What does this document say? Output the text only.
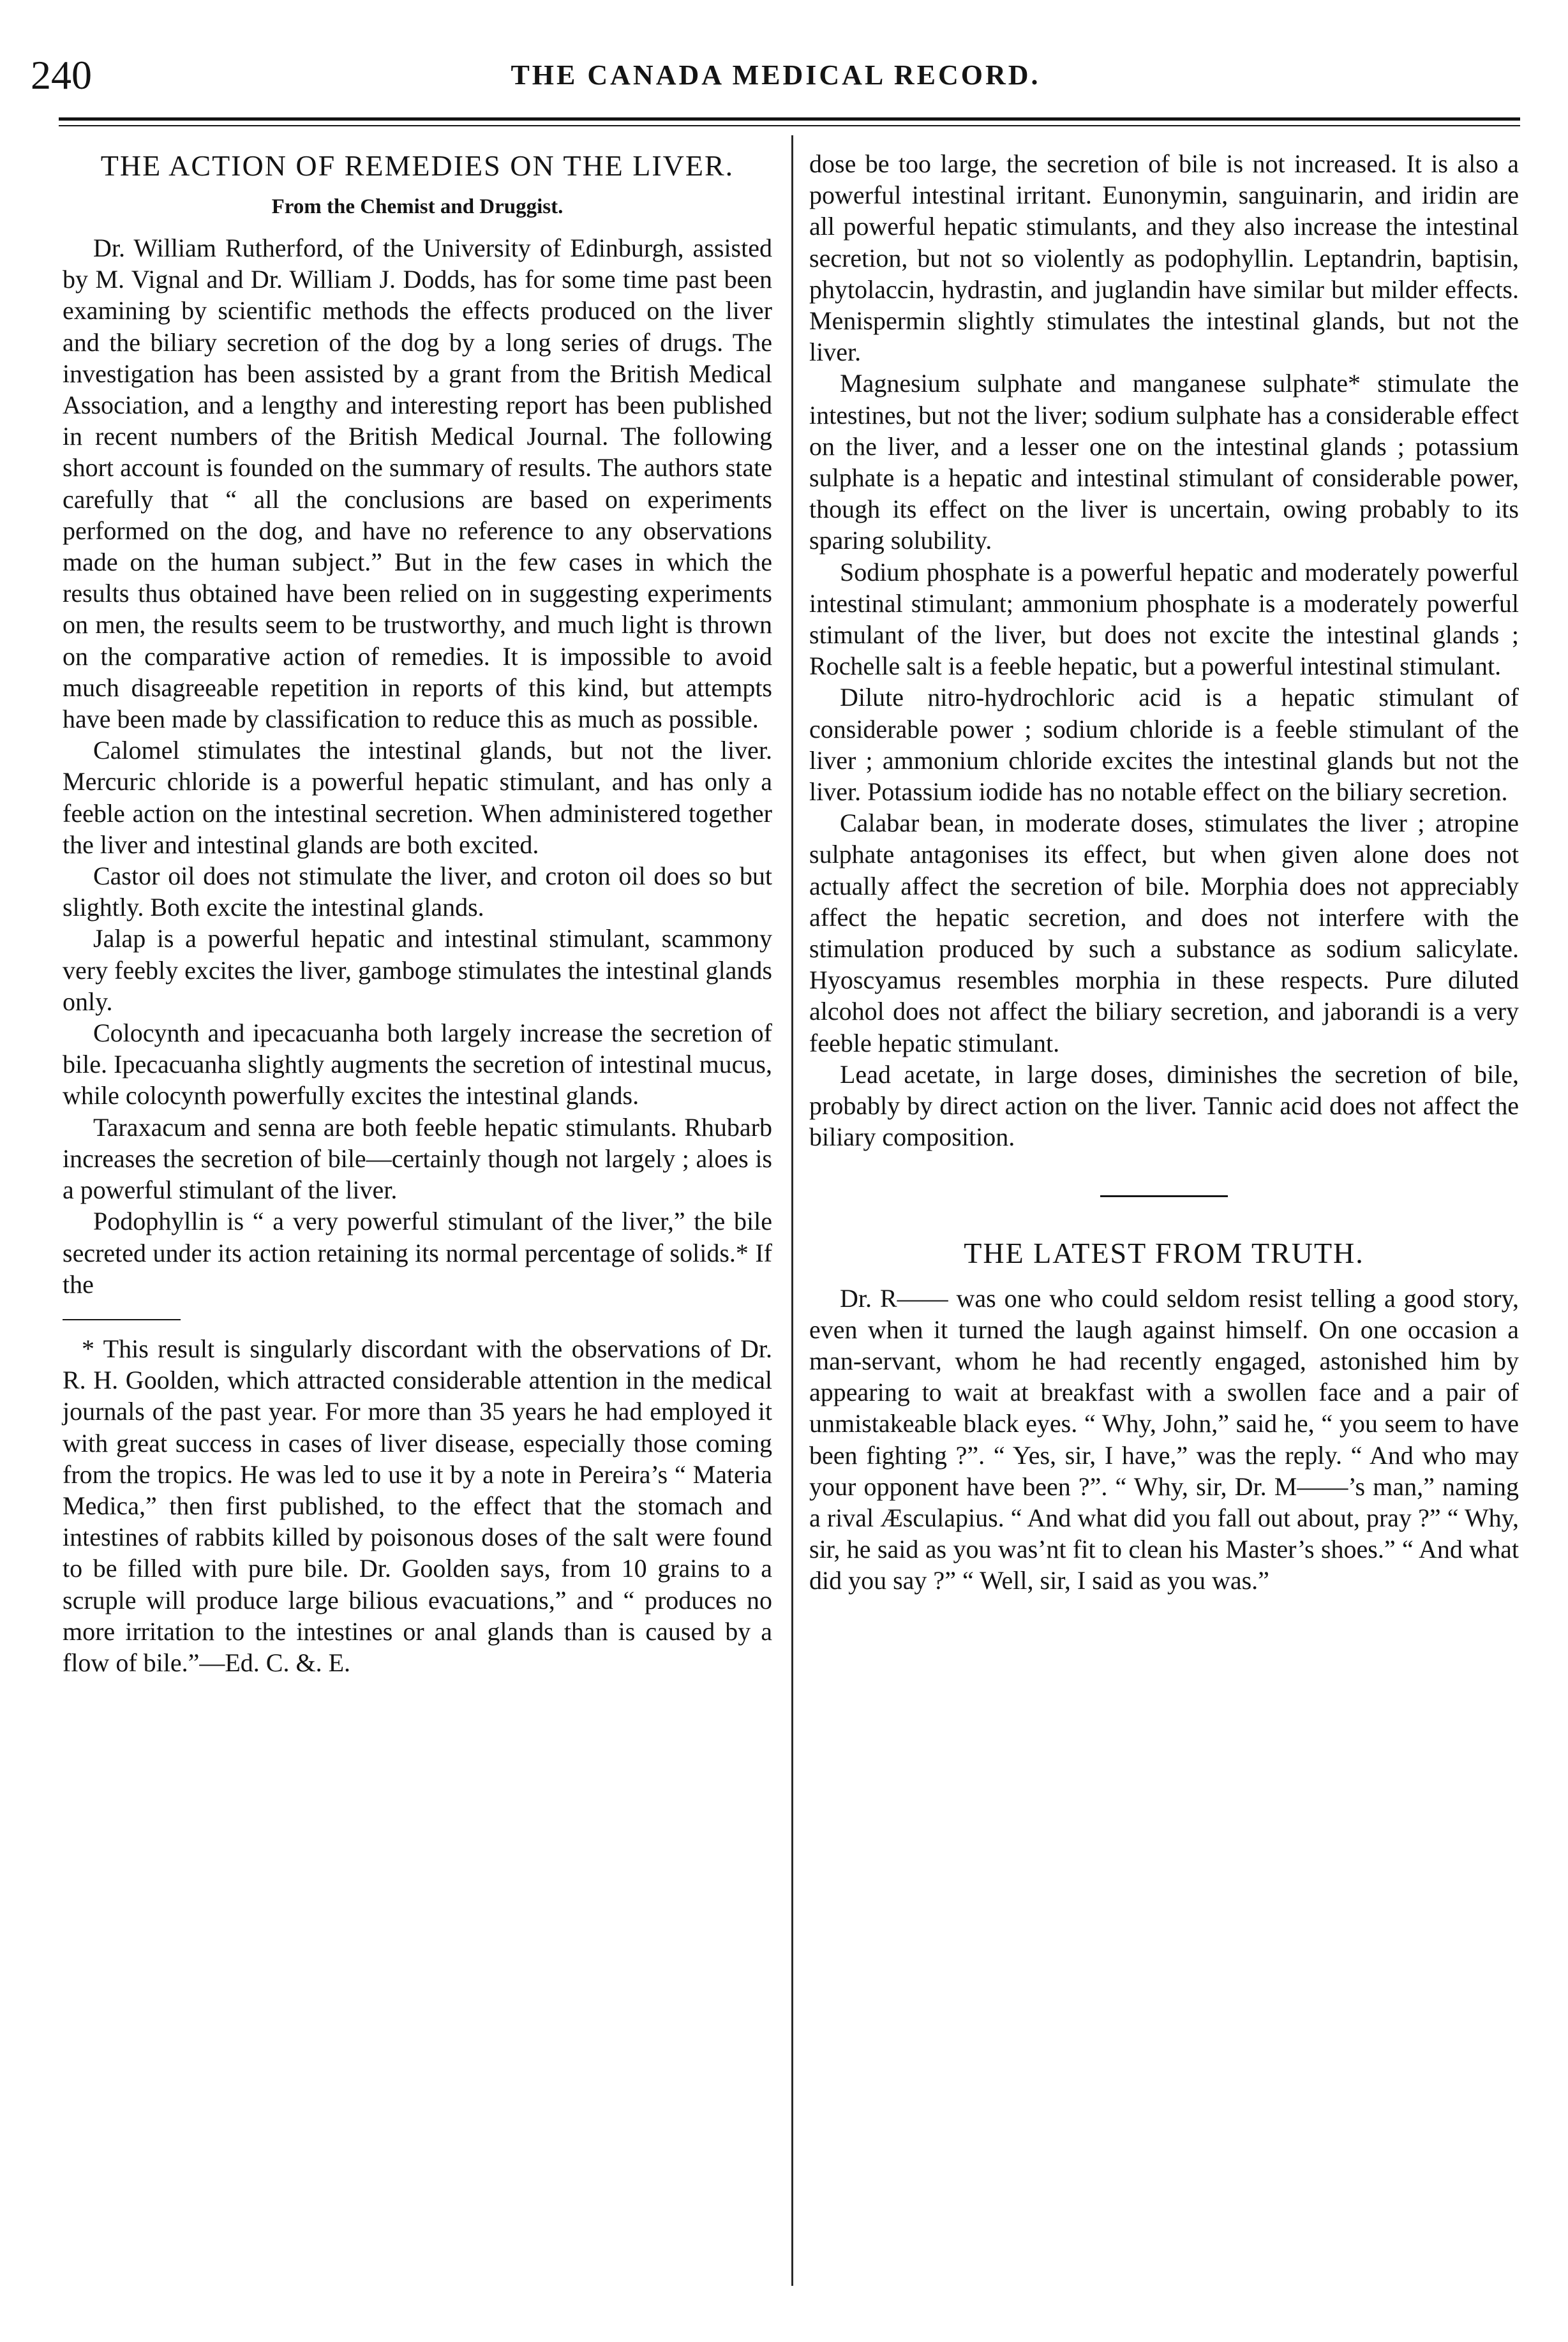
240	THE CANADA MEDICAL RECORD.
THE ACTION OF REMEDIES ON THE LIVER.
From the Chemist and Druggist.

Dr. William Rutherford, of the University of Edinburgh, assisted by M. Vignal and Dr. William J. Dodds, has for some time past been examining by scientific methods the effects produced on the liver and the biliary secretion of the dog by a long series of drugs. The investigation has been assisted by a grant from the British Medical Association, and a lengthy and interesting report has been published in recent numbers of the British Medical Journal. The following short account is founded on the summary of results. The authors state carefully that “ all the conclusions are based on experiments performed on the dog, and have no reference to any observations made on the human subject.” But in the few cases in which the results thus obtained have been relied on in suggesting experiments on men, the results seem to be trustworthy, and much light is thrown on the comparative action of remedies. It is impossible to avoid much disagreeable repetition in reports of this kind, but attempts have been made by classification to reduce this as much as possible.

Calomel stimulates the intestinal glands, but not the liver. Mercuric chloride is a powerful hepatic stimulant, and has only a feeble action on the intestinal secretion. When administered together the liver and intestinal glands are both excited.

Castor oil does not stimulate the liver, and croton oil does so but slightly. Both excite the intestinal glands.

Jalap is a powerful hepatic and intestinal stimulant, scammony very feebly excites the liver, gamboge stimulates the intestinal glands only.

Colocynth and ipecacuanha both largely increase the secretion of bile. Ipecacuanha slightly augments the secretion of intestinal mucus, while colocynth powerfully excites the intestinal glands.

Taraxacum and senna are both feeble hepatic stimulants. Rhubarb increases the secretion of bile—certainly though not largely ; aloes is a powerful stimulant of the liver.

Podophyllin is “ a very powerful stimulant of the liver,” the bile secreted under its action retaining its normal percentage of solids.* If the

* This result is singularly discordant with the observations of Dr. R. H. Goolden, which attracted considerable attention in the medical journals of the past year. For more than 35 years he had employed it with great success in cases of liver disease, especially those coming from the tropics. He was led to use it by a note in Pereira’s “ Materia Medica,” then first published, to the effect that the stomach and intestines of rabbits killed by poisonous doses of the salt were found to be filled with pure bile. Dr. Goolden says, from 10 grains to a scruple will produce large bilious evacuations,” and “ produces no more irritation to the intestines or anal glands than is caused by a flow of bile.”—Ed. C. &. E.

dose be too large, the secretion of bile is not increased. It is also a powerful intestinal irritant. Eunonymin, sanguinarin, and iridin are all powerful hepatic stimulants, and they also increase the intestinal secretion, but not so violently as podophyllin. Leptandrin, baptisin, phytolaccin, hydrastin, and juglandin have similar but milder effects. Menispermin slightly stimulates the intestinal glands, but not the liver.

Magnesium sulphate and manganese sulphate* stimulate the intestines, but not the liver; sodium sulphate has a considerable effect on the liver, and a lesser one on the intestinal glands ; potassium sulphate is a hepatic and intestinal stimulant of considerable power, though its effect on the liver is uncertain, owing probably to its sparing solubility.

Sodium phosphate is a powerful hepatic and moderately powerful intestinal stimulant; ammonium phosphate is a moderately powerful stimulant of the liver, but does not excite the intestinal glands ; Rochelle salt is a feeble hepatic, but a powerful intestinal stimulant.

Dilute nitro-hydrochloric acid is a hepatic stimulant of considerable power ; sodium chloride is a feeble stimulant of the liver ; ammonium chloride excites the intestinal glands but not the liver. Potassium iodide has no notable effect on the biliary secretion.

Calabar bean, in moderate doses, stimulates the liver ; atropine sulphate antagonises its effect, but when given alone does not actually affect the secretion of bile. Morphia does not appreciably affect the hepatic secretion, and does not interfere with the stimulation produced by such a substance as sodium salicylate. Hyoscyamus resembles morphia in these respects. Pure diluted alcohol does not affect the biliary secretion, and jaborandi is a very feeble hepatic stimulant.

Lead acetate, in large doses, diminishes the secretion of bile, probably by direct action on the liver. Tannic acid does not affect the biliary composition.

THE LATEST FROM TRUTH.

Dr. R—— was one who could seldom resist telling a good story, even when it turned the laugh against himself. On one occasion a man-servant, whom he had recently engaged, astonished him by appearing to wait at breakfast with a swollen face and a pair of unmistakeable black eyes. “ Why, John,” said he, “ you seem to have been fighting ?”. “ Yes, sir, I have,” was the reply. “ And who may your opponent have been ?”. “ Why, sir, Dr. M——’s man,” naming a rival Æsculapius. “ And what did you fall out about, pray ?” “ Why, sir, he said as you was’nt fit to clean his Master’s shoes.” “ And what did you say ?” “ Well, sir, I said as you was.”
